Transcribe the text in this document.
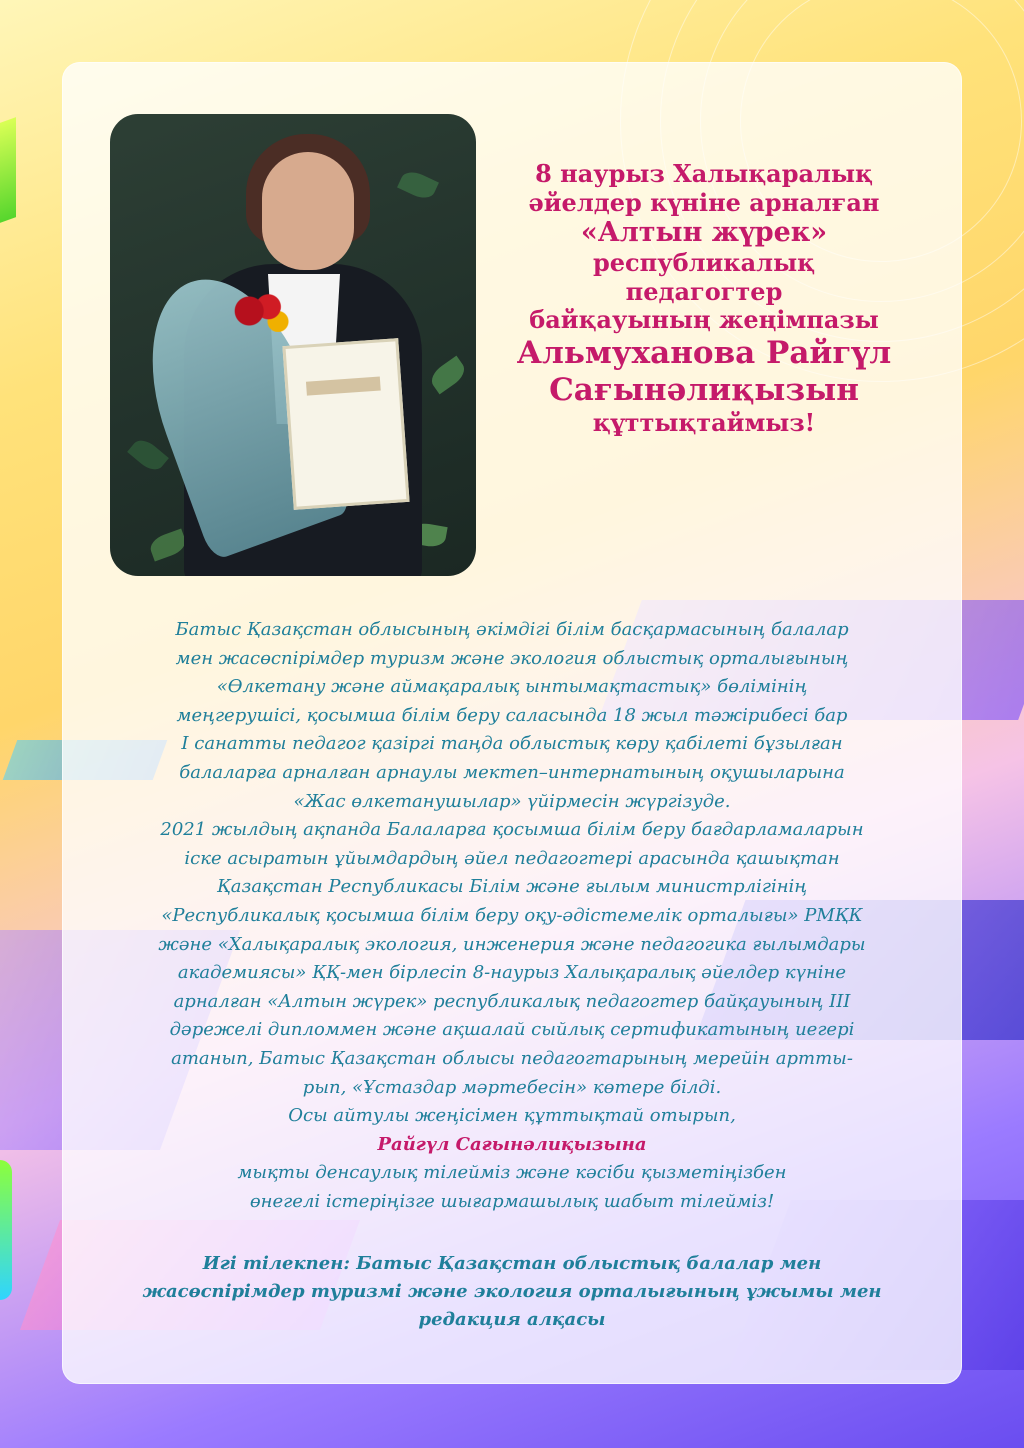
8 наурыз Халықаралық
әйелдер күніне арналған
«Алтын жүрек»
республикалық
педагогтер
байқауының жеңімпазы
Альмуханова Райгүл
Сағынәлиқызын
құттықтаймыз!
Батыс Қазақстан облысының әкімдігі білім басқармасының балалар
мен жасөспірімдер туризм және экология облыстық орталығының
«Өлкетану және аймақаралық ынтымақтастық» бөлімінің
меңгерушісі, қосымша білім беру саласында 18 жыл тәжірибесі бар
I санатты педагог қазіргі таңда облыстық көру қабілеті бұзылған
балаларға арналған арнаулы мектеп–интернатының оқушыларына
«Жас өлкетанушылар» үйірмесін жүргізуде.
2021 жылдың ақпанда Балаларға қосымша білім беру бағдарламаларын
іске асыратын ұйымдардың әйел педагогтері арасында қашықтан
Қазақстан Республикасы Білім және ғылым министрлігінің
«Республикалық қосымша білім беру оқу-әдістемелік орталығы» РМҚК
және «Халықаралық экология, инженерия және педагогика ғылымдары
академиясы» ҚҚ-мен бірлесіп 8-наурыз Халықаралық әйелдер күніне
арналған «Алтын жүрек» республикалық педагогтер байқауының III
дәрежелі дипломмен және ақшалай сыйлық сертификатының иегері
атанып, Батыс Қазақстан облысы педагогтарының мерейін артты-
рып, «Ұстаздар мәртебесін» көтере білді.
Осы айтулы жеңісімен құттықтай отырып,
Райгүл Сағынәлиқызына
мықты денсаулық тілейміз және кәсіби қызметіңізбен
өнегелі істеріңізге шығармашылық шабыт тілейміз!
Игі тілекпен: Батыс Қазақстан облыстық балалар мен
жасөспірімдер туризмі және экология орталығының ұжымы мен
редакция алқасы
